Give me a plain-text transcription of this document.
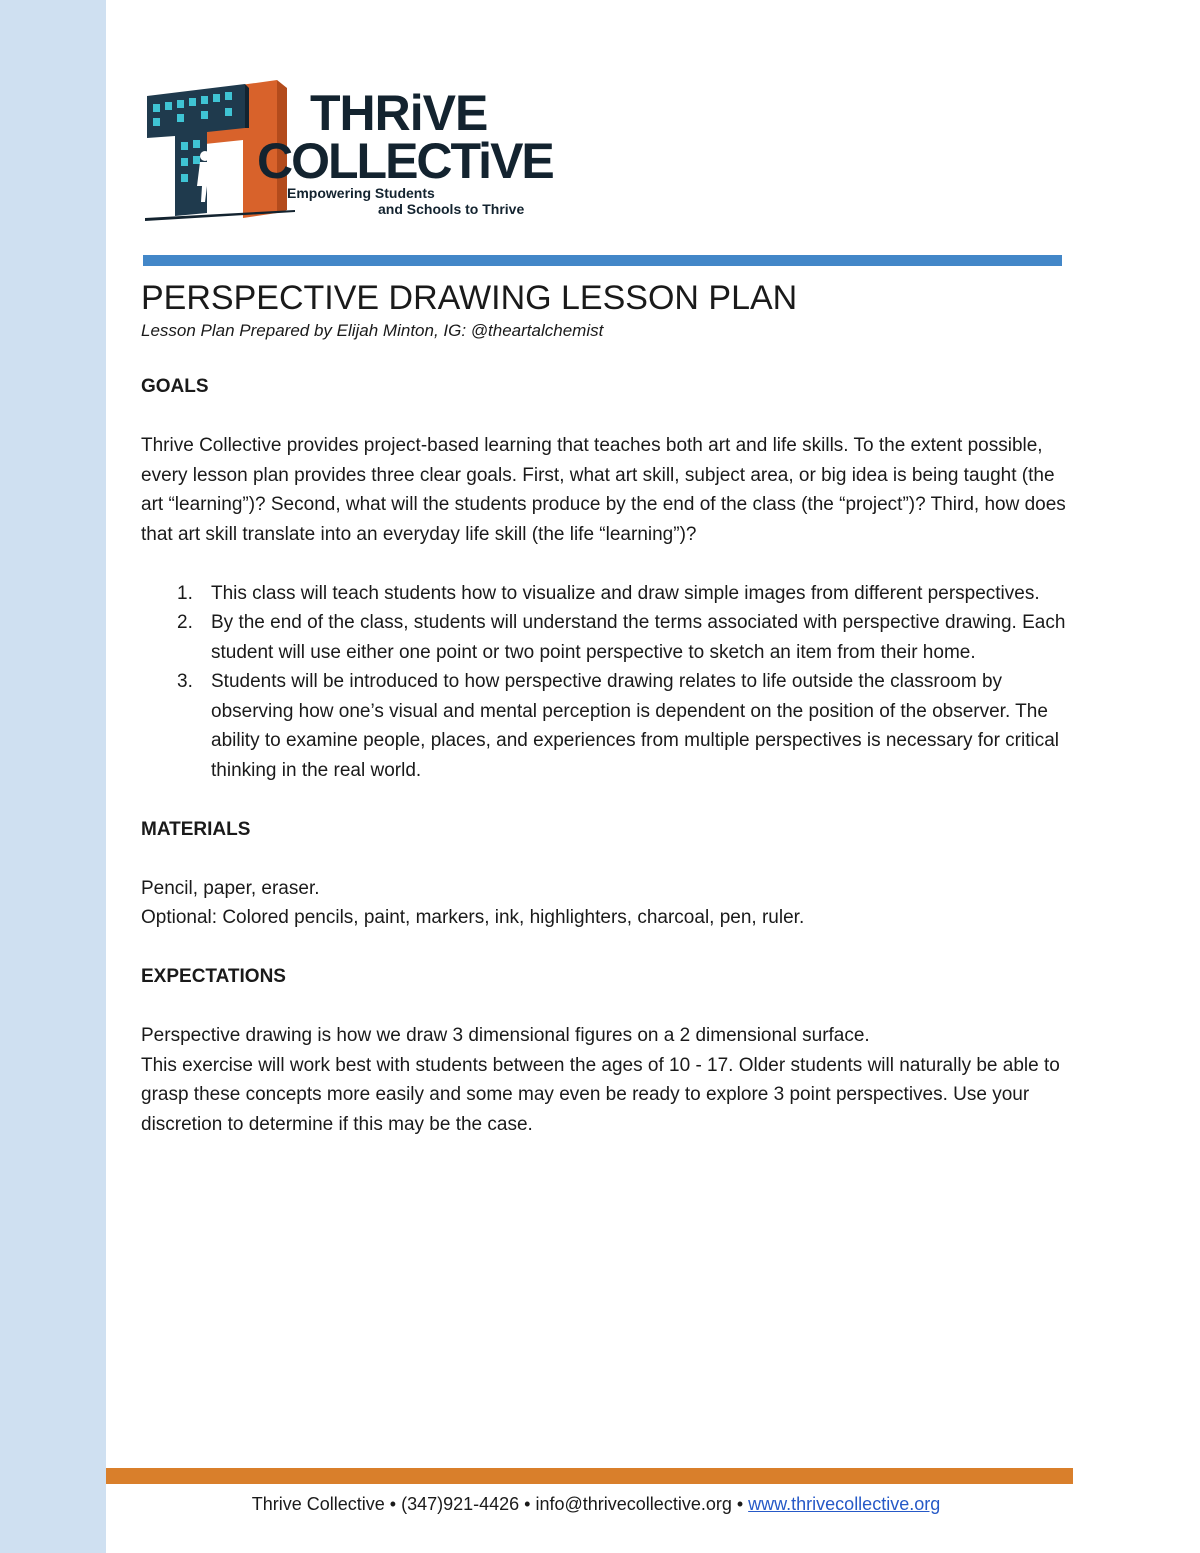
THRiVE
COLLECTiVE
Empowering Students
and Schools to Thrive
PERSPECTIVE DRAWING LESSON PLAN
Lesson Plan Prepared by Elijah Minton, IG: @theartalchemist
GOALS

Thrive Collective provides project-based learning that teaches both art and life skills. To the extent possible, every lesson plan provides three clear goals. First, what art skill, subject area, or big idea is being taught (the art “learning”)? Second, what will the students produce by the end of the class (the “project”)? Third, how does that art skill translate into an everyday life skill (the life “learning”)?

1. This class will teach students how to visualize and draw simple images from different perspectives.
2. By the end of the class, students will understand the terms associated with perspective drawing. Each student will use either one point or two point perspective to sketch an item from their home.
3. Students will be introduced to how perspective drawing relates to life outside the classroom by observing how one’s visual and mental perception is dependent on the position of the observer. The ability to examine people, places, and experiences from multiple perspectives is necessary for critical thinking in the real world.
MATERIALS

Pencil, paper, eraser.

Optional: Colored pencils, paint, markers, ink, highlighters, charcoal, pen, ruler.

EXPECTATIONS

Perspective drawing is how we draw 3 dimensional figures on a 2 dimensional surface.

This exercise will work best with students between the ages of 10 - 17. Older students will naturally be able to grasp these concepts more easily and some may even be ready to explore 3 point perspectives. Use your discretion to determine if this may be the case.

Thrive Collective • (347)921-4426 • info@thrivecollective.org • www.thrivecollective.org
